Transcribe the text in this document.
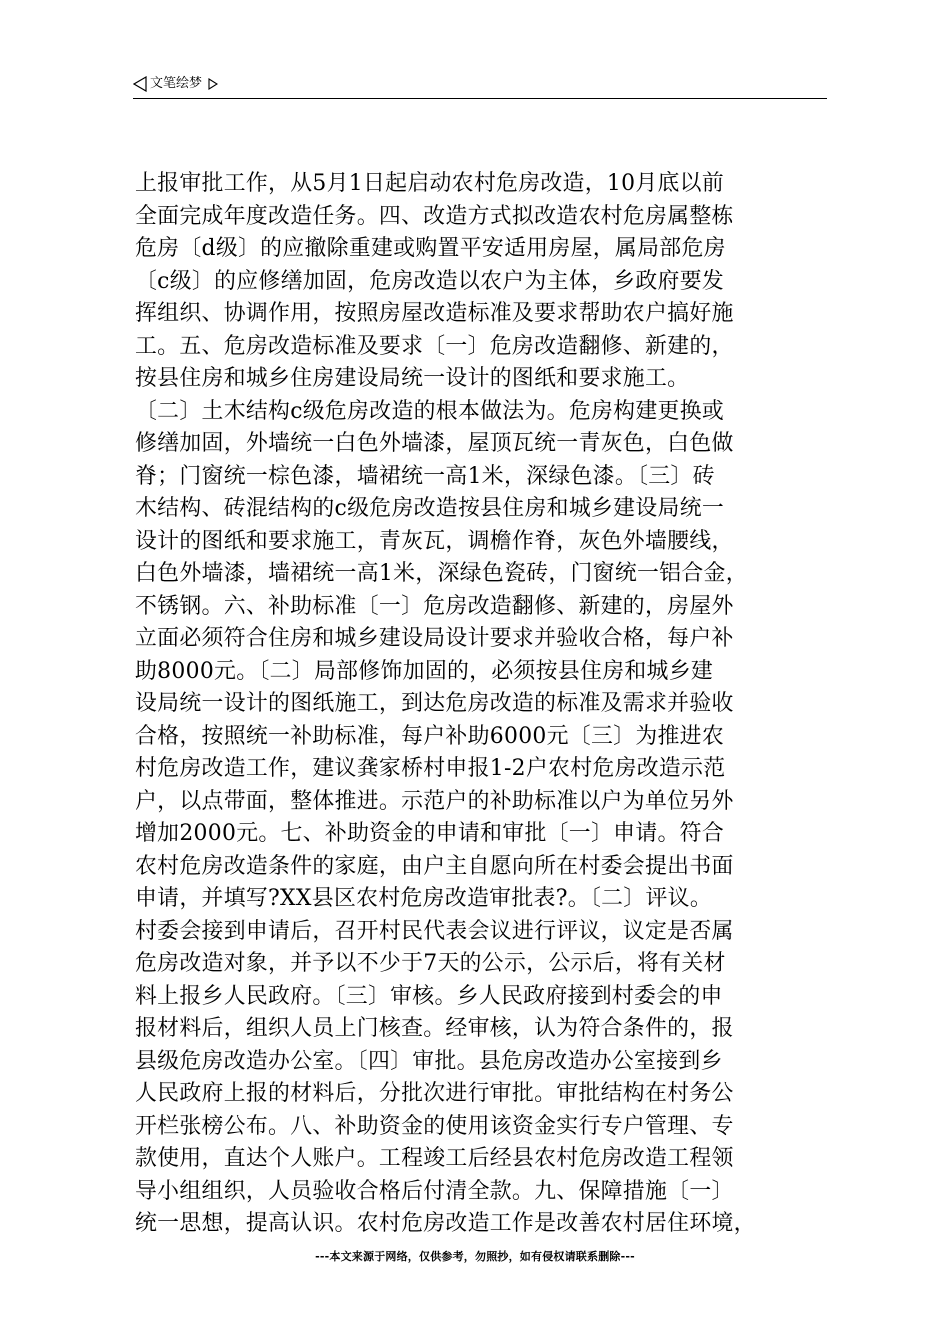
文笔绘梦
上报审批工作，从5月1日起启动农村危房改造，10月底以前
全面完成年度改造任务。四、改造方式拟改造农村危房属整栋
危房〔d级〕的应撤除重建或购置平安适用房屋，属局部危房
〔c级〕的应修缮加固，危房改造以农户为主体，乡政府要发
挥组织、协调作用，按照房屋改造标准及要求帮助农户搞好施
工。五、危房改造标准及要求〔一〕危房改造翻修、新建的，
按县住房和城乡住房建设局统一设计的图纸和要求施工。
〔二〕土木结构c级危房改造的根本做法为。危房构建更换或
修缮加固，外墙统一白色外墙漆，屋顶瓦统一青灰色，白色做
脊；门窗统一棕色漆，墙裙统一高1米，深绿色漆。〔三〕砖
木结构、砖混结构的c级危房改造按县住房和城乡建设局统一
设计的图纸和要求施工，青灰瓦，调檐作脊，灰色外墙腰线，
白色外墙漆，墙裙统一高1米，深绿色瓷砖，门窗统一铝合金，
不锈钢。六、补助标准〔一〕危房改造翻修、新建的，房屋外
立面必须符合住房和城乡建设局设计要求并验收合格，每户补
助8000元。〔二〕局部修饰加固的，必须按县住房和城乡建
设局统一设计的图纸施工，到达危房改造的标准及需求并验收
合格，按照统一补助标准，每户补助6000元〔三〕为推进农
村危房改造工作，建议龚家桥村申报1-2户农村危房改造示范
户，以点带面，整体推进。示范户的补助标准以户为单位另外
增加2000元。七、补助资金的申请和审批〔一〕申请。符合
农村危房改造条件的家庭，由户主自愿向所在村委会提出书面
申请，并填写?XX县区农村危房改造审批表?。〔二〕评议。
村委会接到申请后，召开村民代表会议进行评议，议定是否属
危房改造对象，并予以不少于7天的公示，公示后，将有关材
料上报乡人民政府。〔三〕审核。乡人民政府接到村委会的申
报材料后，组织人员上门核查。经审核，认为符合条件的，报
县级危房改造办公室。〔四〕审批。县危房改造办公室接到乡
人民政府上报的材料后，分批次进行审批。审批结构在村务公
开栏张榜公布。八、补助资金的使用该资金实行专户管理、专
款使用，直达个人账户。工程竣工后经县农村危房改造工程领
导小组组织，人员验收合格后付清全款。九、保障措施〔一〕
统一思想，提高认识。农村危房改造工作是改善农村居住环境，
---本文来源于网络，仅供参考，勿照抄，如有侵权请联系删除---
